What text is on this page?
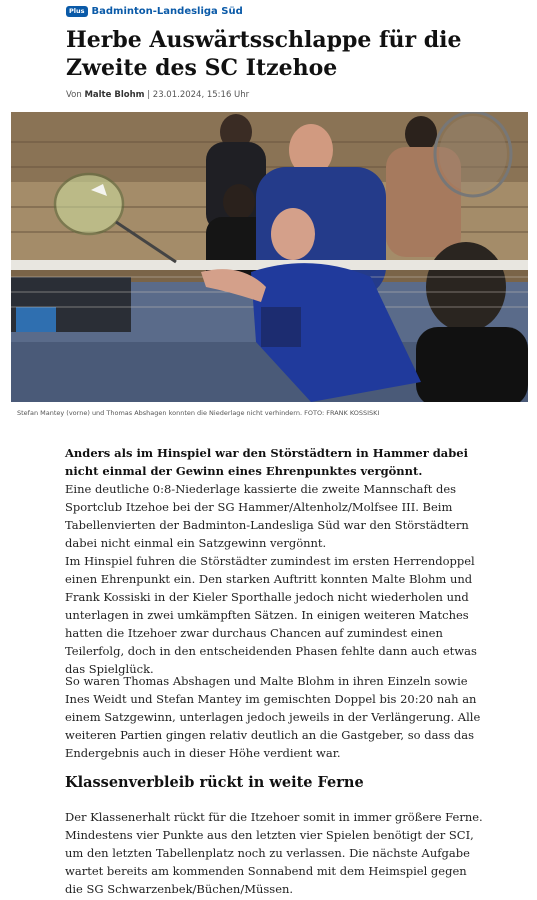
Plus Badminton-Landesliga Süd
Herbe Auswärtsschlappe für die Zweite des SC Itzehoe
Von Malte Blohm | 23.01.2024, 15:16 Uhr
Stefan Mantey (vorne) und Thomas Abshagen konnten die Niederlage nicht verhindern. FOTO: FRANK KOSSISKI

Anders als im Hinspiel war den Störstädtern in Hammer dabei nicht einmal der Gewinn eines Ehrenpunktes vergönnt.

Eine deutliche 0:8-Niederlage kassierte die zweite Mannschaft des Sportclub Itzehoe bei der SG Hammer/Altenholz/Molfsee III. Beim Tabellenvierten der Badminton-Landesliga Süd war den Störstädtern dabei nicht einmal ein Satzgewinn vergönnt.

Im Hinspiel fuhren die Störstädter zumindest im ersten Herrendoppel einen Ehrenpunkt ein. Den starken Auftritt konnten Malte Blohm und Frank Kossiski in der Kieler Sporthalle jedoch nicht wiederholen und unterlagen in zwei umkämpften Sätzen. In einigen weiteren Matches hatten die Itzehoer zwar durchaus Chancen auf zumindest einen Teilerfolg, doch in den entscheidenden Phasen fehlte dann auch etwas das Spielglück.

So waren Thomas Abshagen und Malte Blohm in ihren Einzeln sowie Ines Weidt und Stefan Mantey im gemischten Doppel bis 20:20 nah an einem Satzgewinn, unterlagen jedoch jeweils in der Verlängerung. Alle weiteren Partien gingen relativ deutlich an die Gastgeber, so dass das Endergebnis auch in dieser Höhe verdient war.

Klassenverbleib rückt in weite Ferne

Der Klassenerhalt rückt für die Itzehoer somit in immer größere Ferne. Mindestens vier Punkte aus den letzten vier Spielen benötigt der SCI, um den letzten Tabellenplatz noch zu verlassen. Die nächste Aufgabe wartet bereits am kommenden Sonnabend mit dem Heimspiel gegen die SG Schwarzenbek/Büchen/Müssen.
